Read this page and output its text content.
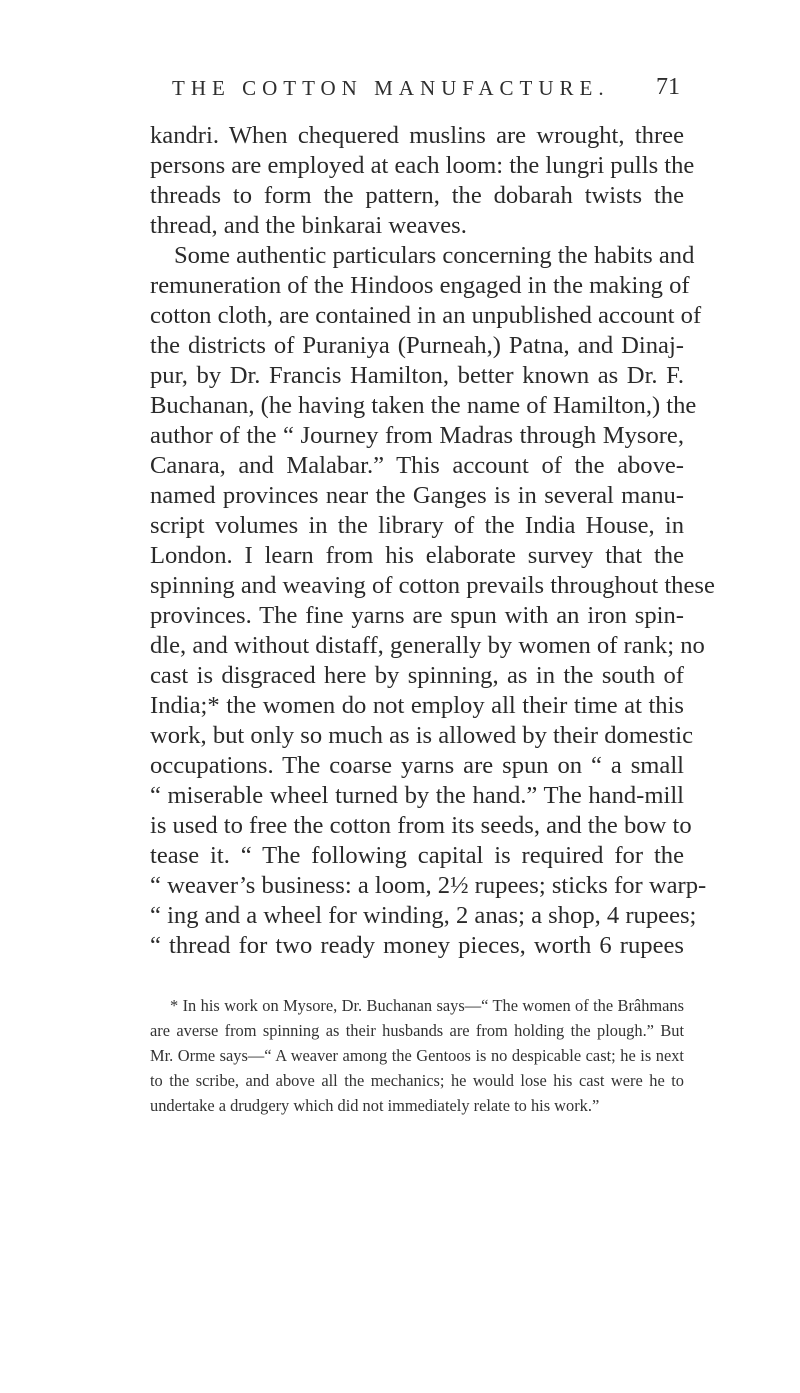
THE COTTON MANUFACTURE. 71
kandri. When chequered muslins are wrought, three
persons are employed at each loom: the lungri pulls the
threads to form the pattern, the dobarah twists the
thread, and the binkarai weaves.
Some authentic particulars concerning the habits and
remuneration of the Hindoos engaged in the making of
cotton cloth, are contained in an unpublished account of
the districts of Puraniya (Purneah,) Patna, and Dinaj-
pur, by Dr. Francis Hamilton, better known as Dr. F.
Buchanan, (he having taken the name of Hamilton,) the
author of the “ Journey from Madras through Mysore,
Canara, and Malabar.” This account of the above-
named provinces near the Ganges is in several manu-
script volumes in the library of the India House, in
London. I learn from his elaborate survey that the
spinning and weaving of cotton prevails throughout these
provinces. The fine yarns are spun with an iron spin-
dle, and without distaff, generally by women of rank; no
cast is disgraced here by spinning, as in the south of
India;* the women do not employ all their time at this
work, but only so much as is allowed by their domestic
occupations. The coarse yarns are spun on “ a small
“ miserable wheel turned by the hand.” The hand-mill
is used to free the cotton from its seeds, and the bow to
tease it. “ The following capital is required for the
“ weaver’s business: a loom, 2½ rupees; sticks for warp-
“ ing and a wheel for winding, 2 anas; a shop, 4 rupees;
“ thread for two ready money pieces, worth 6 rupees
* In his work on Mysore, Dr. Buchanan says—“ The women of the Brâhmans
are averse from spinning as their husbands are from holding the plough.” But
Mr. Orme says—“ A weaver among the Gentoos is no despicable cast; he is next
to the scribe, and above all the mechanics; he would lose his cast were he to
undertake a drudgery which did not immediately relate to his work.”
